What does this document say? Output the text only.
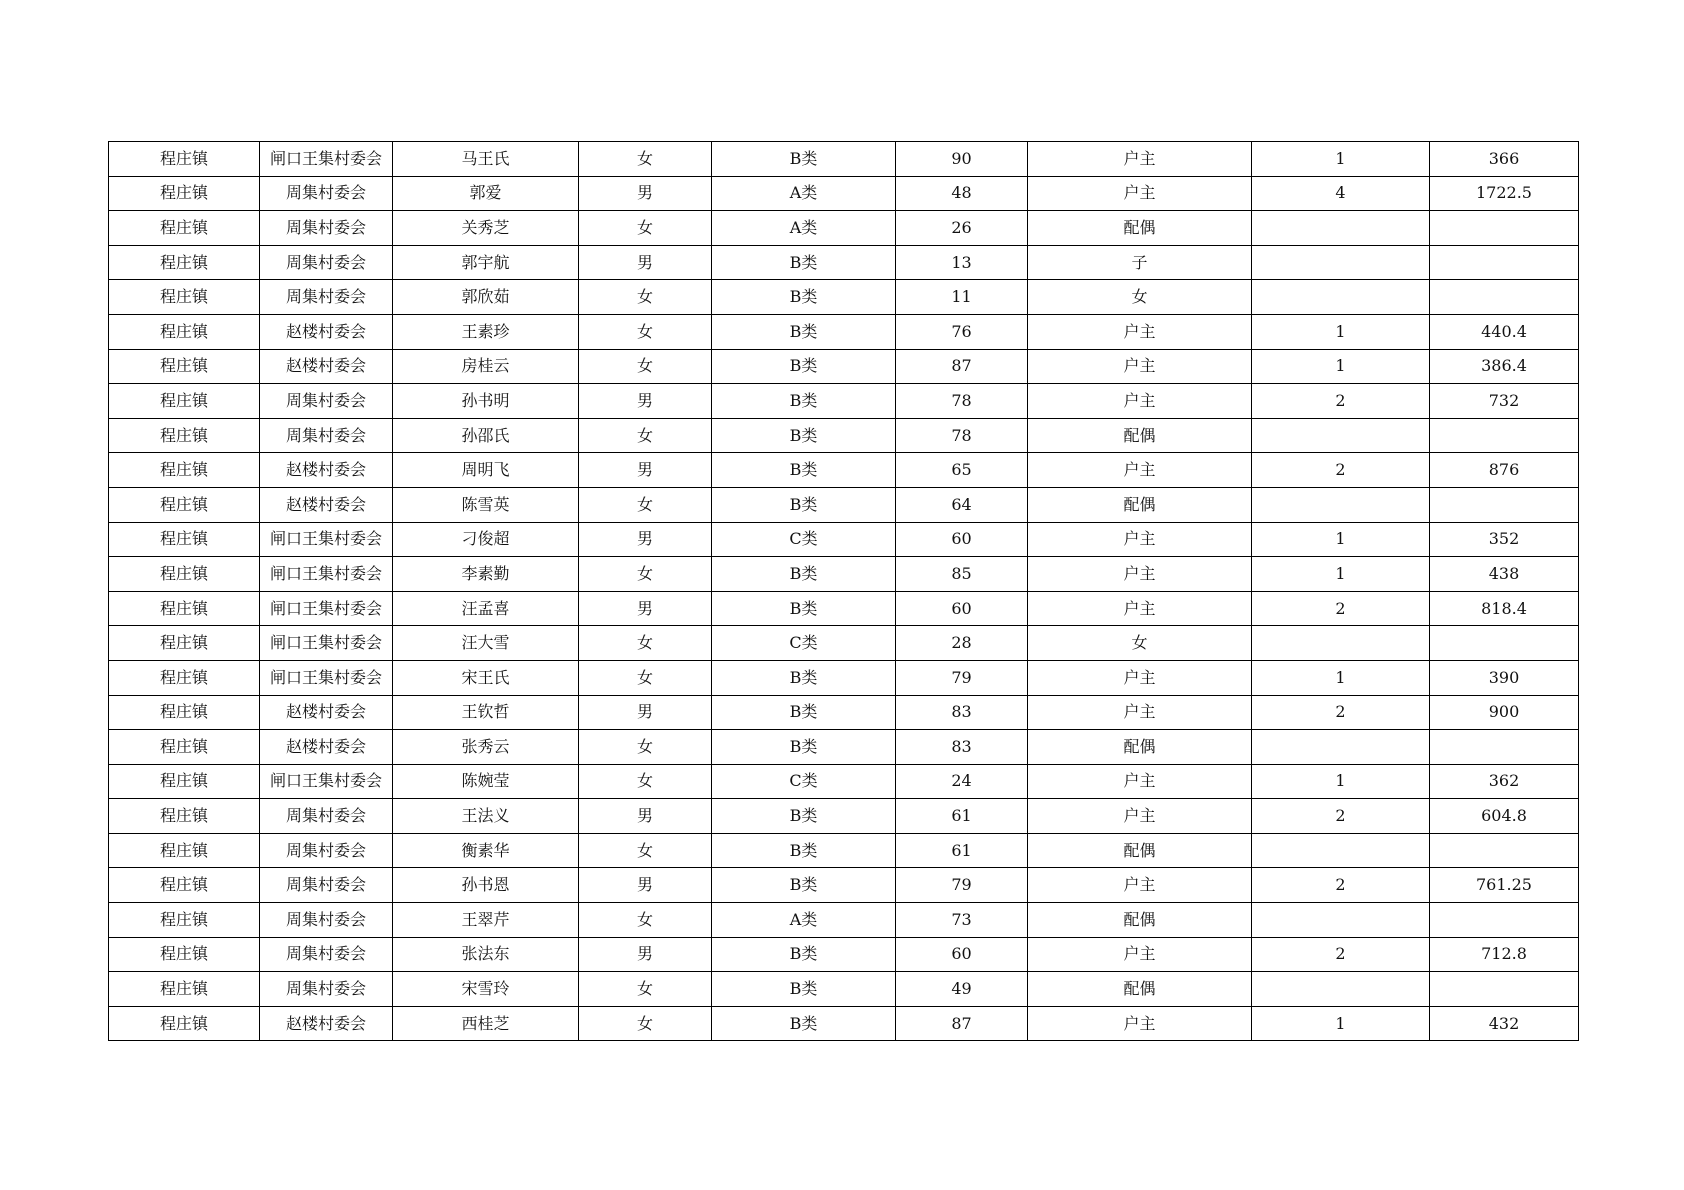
程庄镇	闸口王集村委会	马王氏	女	B类	90	户主	1	366
程庄镇	周集村委会	郭爱	男	A类	48	户主	4	1722.5
程庄镇	周集村委会	关秀芝	女	A类	26	配偶		
程庄镇	周集村委会	郭宇航	男	B类	13	子		
程庄镇	周集村委会	郭欣茹	女	B类	11	女		
程庄镇	赵楼村委会	王素珍	女	B类	76	户主	1	440.4
程庄镇	赵楼村委会	房桂云	女	B类	87	户主	1	386.4
程庄镇	周集村委会	孙书明	男	B类	78	户主	2	732
程庄镇	周集村委会	孙邵氏	女	B类	78	配偶		
程庄镇	赵楼村委会	周明飞	男	B类	65	户主	2	876
程庄镇	赵楼村委会	陈雪英	女	B类	64	配偶		
程庄镇	闸口王集村委会	刁俊超	男	C类	60	户主	1	352
程庄镇	闸口王集村委会	李素勤	女	B类	85	户主	1	438
程庄镇	闸口王集村委会	汪孟喜	男	B类	60	户主	2	818.4
程庄镇	闸口王集村委会	汪大雪	女	C类	28	女		
程庄镇	闸口王集村委会	宋王氏	女	B类	79	户主	1	390
程庄镇	赵楼村委会	王钦哲	男	B类	83	户主	2	900
程庄镇	赵楼村委会	张秀云	女	B类	83	配偶		
程庄镇	闸口王集村委会	陈婉莹	女	C类	24	户主	1	362
程庄镇	周集村委会	王法义	男	B类	61	户主	2	604.8
程庄镇	周集村委会	衡素华	女	B类	61	配偶		
程庄镇	周集村委会	孙书恩	男	B类	79	户主	2	761.25
程庄镇	周集村委会	王翠芹	女	A类	73	配偶		
程庄镇	周集村委会	张法东	男	B类	60	户主	2	712.8
程庄镇	周集村委会	宋雪玲	女	B类	49	配偶		
程庄镇	赵楼村委会	西桂芝	女	B类	87	户主	1	432
